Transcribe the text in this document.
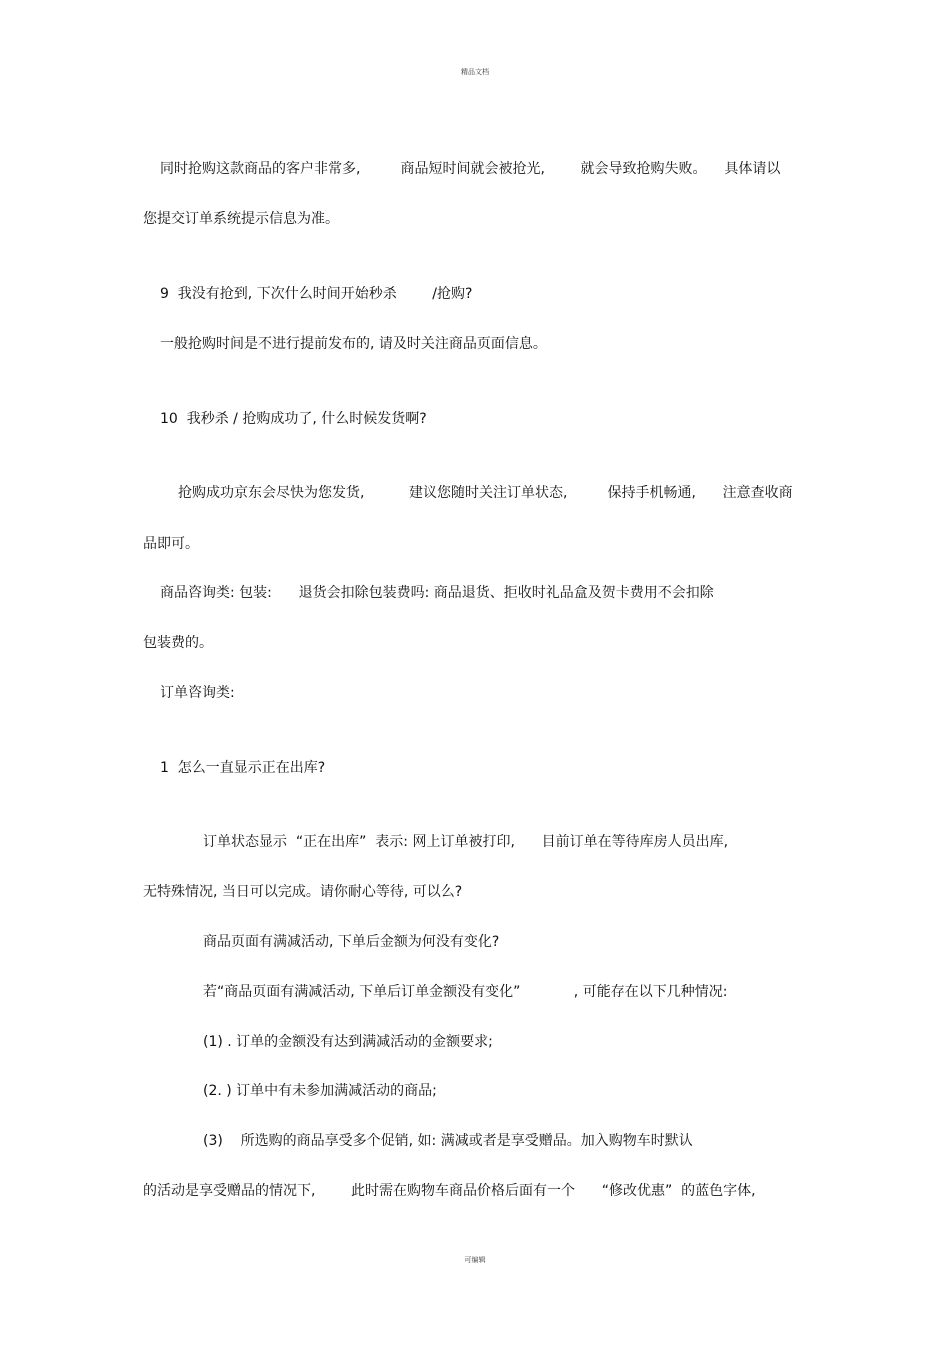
精品文档
同时抢购这款商品的客户非常多,         商品短时间就会被抢光,        就会导致抢购失败。    具体请以
您提交订单系统提示信息为准。
9  我没有抢到, 下次什么时间开始秒杀        /抢购?
一般抢购时间是不进行提前发布的, 请及时关注商品页面信息。
10  我秒杀 / 抢购成功了, 什么时候发货啊?
抢购成功京东会尽快为您发货,          建议您随时关注订单状态,         保持手机畅通,      注意查收商
品即可。
商品咨询类: 包装:      退货会扣除包装费吗: 商品退货、拒收时礼品盒及贺卡费用不会扣除
包装费的。
订单咨询类:
1  怎么一直显示正在出库?
订单状态显示  “正在出库”  表示: 网上订单被打印,      目前订单在等待库房人员出库,
无特殊情况, 当日可以完成。请你耐心等待, 可以么?
商品页面有满减活动, 下单后金额为何没有变化?
若“商品页面有满减活动, 下单后订单金额没有变化”            , 可能存在以下几种情况:
(1) . 订单的金额没有达到满减活动的金额要求;
(2. ) 订单中有未参加满减活动的商品;
(3)    所选购的商品享受多个促销, 如: 满减或者是享受赠品。加入购物车时默认
的活动是享受赠品的情况下,        此时需在购物车商品价格后面有一个      “修改优惠”  的蓝色字体,
可编辑
